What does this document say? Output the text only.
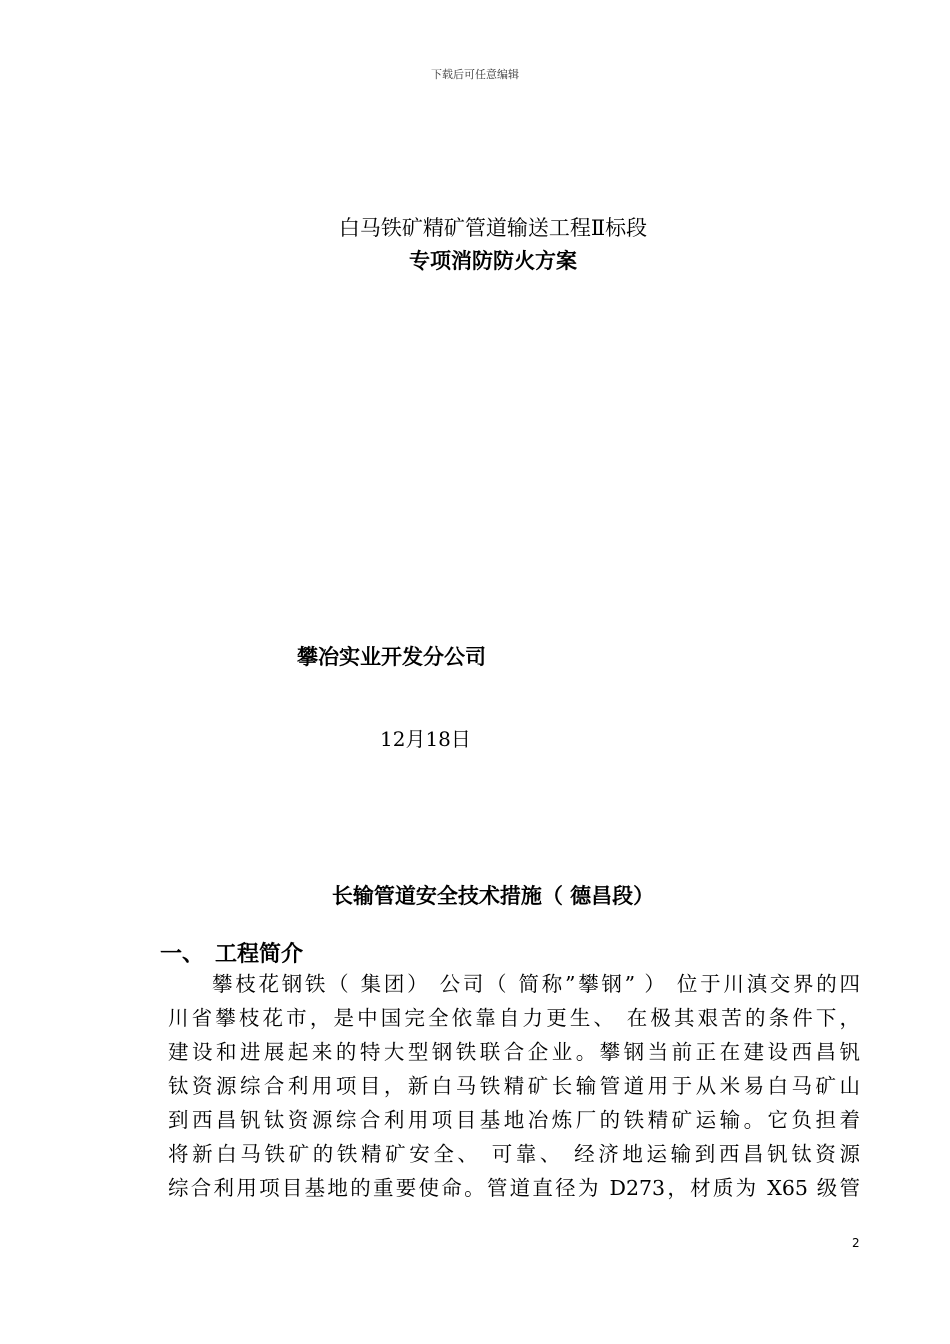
下载后可任意编辑
白马铁矿精矿管道输送工程Ⅱ标段
专项消防防火方案
攀冶实业开发分公司
12月18日
长输管道安全技术措施（ 德昌段）
一、 工程简介
攀枝花钢铁（ 集团） 公司（ 简称”攀钢” ） 位于川滇交界的四
川省攀枝花市，是中国完全依靠自力更生、 在极其艰苦的条件下，
建设和进展起来的特大型钢铁联合企业。攀钢当前正在建设西昌钒
钛资源综合利用项目，新白马铁精矿长输管道用于从米易白马矿山
到西昌钒钛资源综合利用项目基地冶炼厂的铁精矿运输。它负担着
将新白马铁矿的铁精矿安全、 可靠、 经济地运输到西昌钒钛资源
综合利用项目基地的重要使命。管道直径为 D273，材质为 X65 级管
2
